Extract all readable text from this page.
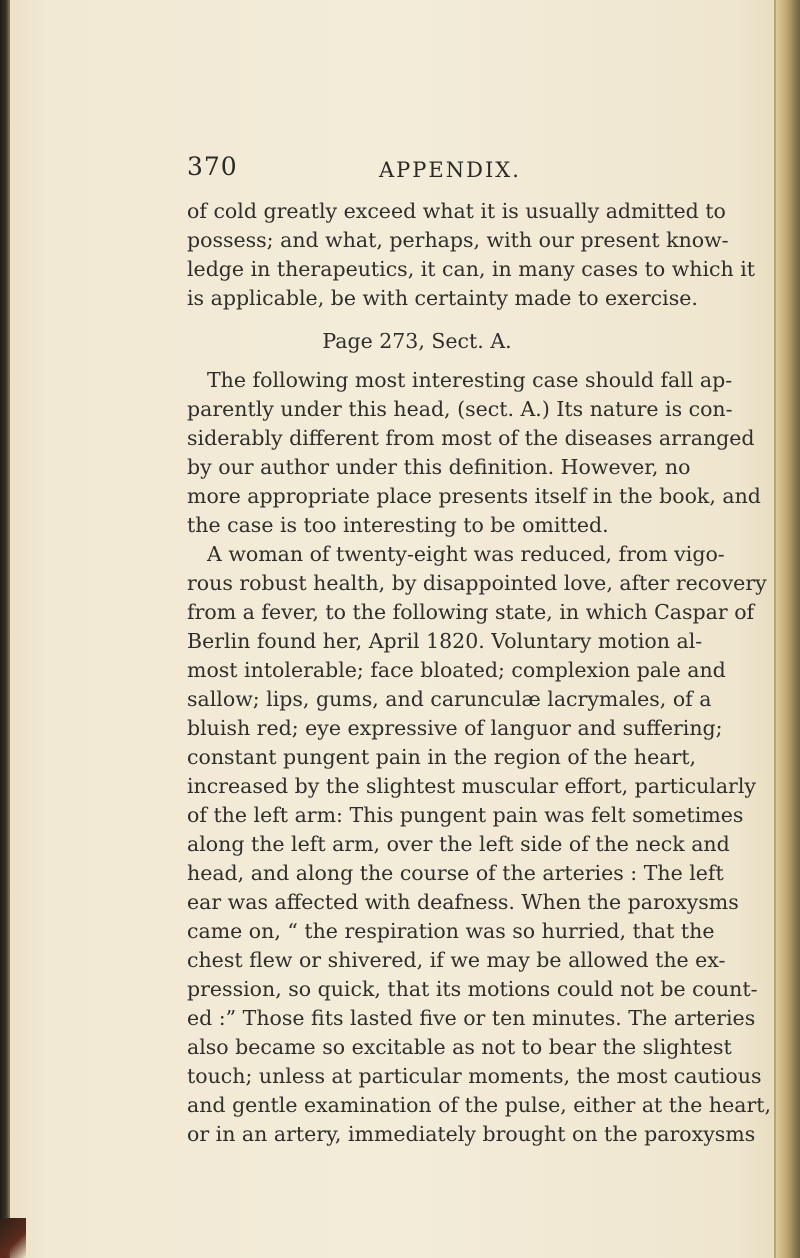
370	APPENDIX.
of cold greatly exceed what it is usually admitted to
possess; and what, perhaps, with our present know-
ledge in therapeutics, it can, in many cases to which it
is applicable, be with certainty made to exercise.
Page 273, Sect. A.
The following most interesting case should fall ap-
parently under this head, (sect. A.) Its nature is con-
siderably different from most of the diseases arranged
by our author under this definition. However, no
more appropriate place presents itself in the book, and
the case is too interesting to be omitted.
A woman of twenty-eight was reduced, from vigo-
rous robust health, by disappointed love, after recovery
from a fever, to the following state, in which Caspar of
Berlin found her, April 1820. Voluntary motion al-
most intolerable; face bloated; complexion pale and
sallow; lips, gums, and carunculæ lacrymales, of a
bluish red; eye expressive of languor and suffering;
constant pungent pain in the region of the heart,
increased by the slightest muscular effort, particularly
of the left arm: This pungent pain was felt sometimes
along the left arm, over the left side of the neck and
head, and along the course of the arteries : The left
ear was affected with deafness. When the paroxysms
came on, “ the respiration was so hurried, that the
chest flew or shivered, if we may be allowed the ex-
pression, so quick, that its motions could not be count-
ed :” Those fits lasted five or ten minutes. The arteries
also became so excitable as not to bear the slightest
touch; unless at particular moments, the most cautious
and gentle examination of the pulse, either at the heart,
or in an artery, immediately brought on the paroxysms
